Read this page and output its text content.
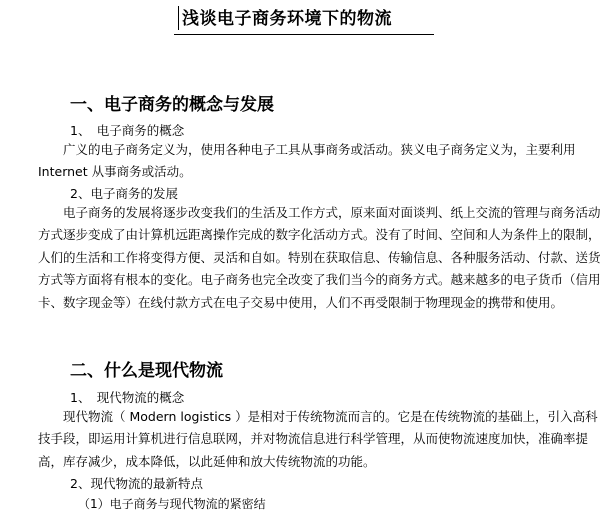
浅谈电子商务环境下的物流
一、电子商务的概念与发展
1、　电子商务的概念

广义的电子商务定义为，使用各种电子工具从事商务或活动。狭义电子商务定义为，主要利用 Internet 从事商务或活动。

2、电子商务的发展

电子商务的发展将逐步改变我们的生活及工作方式，原来面对面谈判、纸上交流的管理与商务活动方式逐步变成了由计算机远距离操作完成的数字化活动方式。没有了时间、空间和人为条件上的限制，人们的生活和工作将变得方便、灵活和自如。特别在获取信息、传输信息、各种服务活动、付款、送货方式等方面将有根本的变化。电子商务也完全改变了我们当今的商务方式。越来越多的电子货币（信用卡、数字现金等）在线付款方式在电子交易中使用，人们不再受限制于物理现金的携带和使用。

二、什么是现代物流
1、　现代物流的概念

现代物流（ Modern logistics ）是相对于传统物流而言的。它是在传统物流的基础上，引入高科技手段，即运用计算机进行信息联网，并对物流信息进行科学管理，从而使物流速度加快，准确率提高，库存减少，成本降低，以此延伸和放大传统物流的功能。

2、现代物流的最新特点
（1）电子商务与现代物流的紧密结
